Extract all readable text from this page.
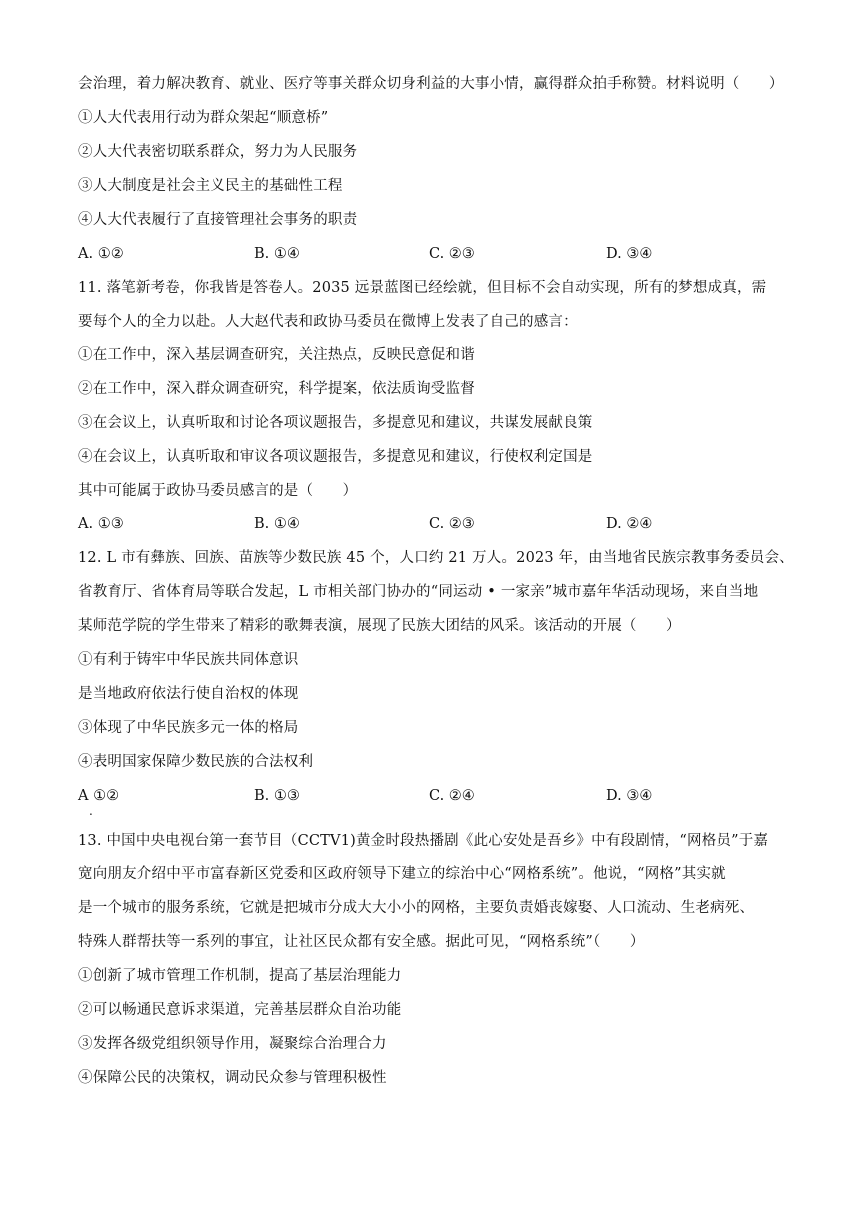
会治理，着力解决教育、就业、医疗等事关群众切身利益的大事小情，赢得群众拍手称赞。材料说明（　　）
①人大代表用行动为群众架起“顺意桥”
②人大代表密切联系群众，努力为人民服务
③人大制度是社会主义民主的基础性工程
④人大代表履行了直接管理社会事务的职责
A. ①②	B. ①④	C. ②③	D. ③④
11. 落笔新考卷，你我皆是答卷人。2035 远景蓝图已经绘就，但目标不会自动实现，所有的梦想成真，需
要每个人的全力以赴。人大赵代表和政协马委员在微博上发表了自己的感言：
①在工作中，深入基层调查研究，关注热点，反映民意促和谐
②在工作中，深入群众调查研究，科学提案，依法质询受监督
③在会议上，认真听取和讨论各项议题报告，多提意见和建议，共谋发展献良策
④在会议上，认真听取和审议各项议题报告，多提意见和建议，行使权利定国是
其中可能属于政协马委员感言的是（　　）
A. ①③	B. ①④	C. ②③	D. ②④
12. L 市有彝族、回族、苗族等少数民族 45 个，人口约 21 万人。2023 年，由当地省民族宗教事务委员会、
省教育厅、省体育局等联合发起，L 市相关部门协办的“同运动 • 一家亲”城市嘉年华活动现场，来自当地
某师范学院的学生带来了精彩的歌舞表演，展现了民族大团结的风采。该活动的开展（　　）
①有利于铸牢中华民族共同体意识
是当地政府依法行使自治权的体现
③体现了中华民族多元一体的格局
④表明国家保障少数民族的合法权利
A ①②
.
B. ①③	C. ②④	D. ③④
13. 中国中央电视台第一套节目（CCTV1)黄金时段热播剧《此心安处是吾乡》中有段剧情，“网格员”于嘉
宽向朋友介绍中平市富春新区党委和区政府领导下建立的综治中心“网格系统”。他说，“网格”其实就
是一个城市的服务系统，它就是把城市分成大大小小的网格，主要负责婚丧嫁娶、人口流动、生老病死、
特殊人群帮扶等一系列的事宜，让社区民众都有安全感。据此可见，“网格系统”（　　）
①创新了城市管理工作机制，提高了基层治理能力
②可以畅通民意诉求渠道，完善基层群众自治功能
③发挥各级党组织领导作用，凝聚综合治理合力
④保障公民的决策权，调动民众参与管理积极性
